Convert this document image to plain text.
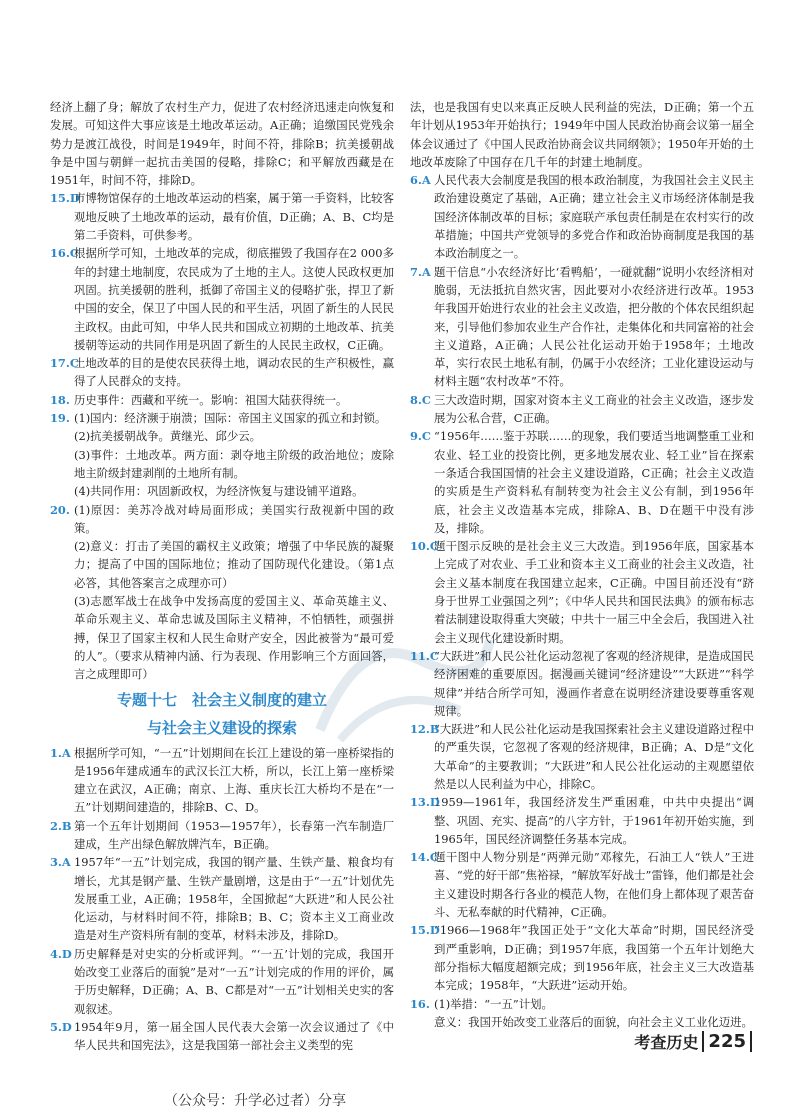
经济上翻了身；解放了农村生产力，促进了农村经济迅速走向恢复和发展。可知这件大事应该是土地改革运动。A正确；追缴国民党残余势力是渡江战役，时间是1949年，时间不符，排除B；抗美援朝战争是中国与朝鲜一起抗击美国的侵略，排除C；和平解放西藏是在1951年，时间不符，排除D。
15.D
市博物馆保存的土地改革运动的档案，属于第一手资料，比较客观地反映了土地改革的运动，最有价值，D正确；A、B、C均是第二手资料，可供参考。
16.C
根据所学可知，土地改革的完成，彻底摧毁了我国存在2 000多年的封建土地制度，农民成为了土地的主人。这使人民政权更加巩固。抗美援朝的胜利，抵御了帝国主义的侵略扩张，捍卫了新中国的安全，保卫了中国人民的和平生活，巩固了新生的人民民主政权。由此可知，中华人民共和国成立初期的土地改革、抗美援朝等运动的共同作用是巩固了新生的人民民主政权，C正确。
17.C
土地改革的目的是使农民获得土地，调动农民的生产积极性，赢得了人民群众的支持。
18. 历史事件：西藏和平统一。影响：祖国大陆获得统一。
19. (1)国内：经济濒于崩溃；国际：帝国主义国家的孤立和封锁。
(2)抗美援朝战争。黄继光、邱少云。
(3)事件：土地改革。两方面：剥夺地主阶级的政治地位；废除地主阶级封建剥削的土地所有制。
(4)共同作用：巩固新政权，为经济恢复与建设铺平道路。
20. (1)原因：美苏冷战对峙局面形成；美国实行敌视新中国的政策。
(2)意义：打击了美国的霸权主义政策；增强了中华民族的凝聚力；提高了中国的国际地位；推动了国防现代化建设。（第1点必答，其他答案言之成理亦可）
(3)志愿军战士在战争中发扬高度的爱国主义、革命英雄主义、革命乐观主义、革命忠诚及国际主义精神，不怕牺牲，顽强拼搏，保卫了国家主权和人民生命财产安全，因此被誉为“最可爱的人”。（要求从精神内涵、行为表现、作用影响三个方面回答，言之成理即可）
专题十七　社会主义制度的建立
与社会主义建设的探索
1.A 根据所学可知，“一五”计划期间在长江上建设的第一座桥梁指的是1956年建成通车的武汉长江大桥，所以，长江上第一座桥梁建立在武汉，A正确；南京、上海、重庆长江大桥均不是在“一五”计划期间建造的，排除B、C、D。
2.B 第一个五年计划期间（1953—1957年），长春第一汽车制造厂建成，生产出绿色解放牌汽车，B正确。
3.A 1957年“一五”计划完成，我国的钢产量、生铁产量、粮食均有增长，尤其是钢产量、生铁产量剧增，这是由于“一五”计划优先发展重工业，A正确；1958年，全国掀起“大跃进”和人民公社化运动，与材料时间不符，排除B；B、C；资本主义工商业改造是对生产资料所有制的变革，材料未涉及，排除D。
4.D 历史解释是对史实的分析或评判。“‘一五’计划的完成，我国开始改变工业落后的面貌”是对“一五”计划完成的作用的评价，属于历史解释，D正确；A、B、C都是对“一五”计划相关史实的客观叙述。
5.D 1954年9月，第一届全国人民代表大会第一次会议通过了《中华人民共和国宪法》，这是我国第一部社会主义类型的宪
法，也是我国有史以来真正反映人民利益的宪法，D正确；第一个五年计划从1953年开始执行；1949年中国人民政治协商会议第一届全体会议通过了《中国人民政治协商会议共同纲领》；1950年开始的土地改革废除了中国存在几千年的封建土地制度。
6.A 人民代表大会制度是我国的根本政治制度，为我国社会主义民主政治建设奠定了基础，A正确；建立社会主义市场经济体制是我国经济体制改革的目标；家庭联产承包责任制是在农村实行的改革措施；中国共产党领导的多党合作和政治协商制度是我国的基本政治制度之一。
7.A 题干信息“小农经济好比‘看鸭船’，一碰就翻”说明小农经济相对脆弱，无法抵抗自然灾害，因此要对小农经济进行改革。1953年我国开始进行农业的社会主义改造，把分散的个体农民组织起来，引导他们参加农业生产合作社，走集体化和共同富裕的社会主义道路，A正确；人民公社化运动开始于1958年；土地改革，实行农民土地私有制，仍属于小农经济；工业化建设运动与材料主题“农村改革”不符。
8.C 三大改造时期，国家对资本主义工商业的社会主义改造，逐步发展为公私合营，C正确。
9.C “1956年……鉴于苏联……的现象，我们要适当地调整重工业和农业、轻工业的投资比例，更多地发展农业、轻工业”旨在探索一条适合我国国情的社会主义建设道路，C正确；社会主义改造的实质是生产资料私有制转变为社会主义公有制，到1956年底，社会主义改造基本完成，排除A、B、D在题干中没有涉及，排除。
10.C
题干图示反映的是社会主义三大改造。到1956年底，国家基本上完成了对农业、手工业和资本主义工商业的社会主义改造，社会主义基本制度在我国建立起来，C正确。中国目前还没有“跻身于世界工业强国之列”；《中华人民共和国民法典》的颁布标志着法制建设取得重大突破；中共十一届三中全会后，我国进入社会主义现代化建设新时期。
11.C
“大跃进”和人民公社化运动忽视了客观的经济规律，是造成国民经济困难的重要原因。据漫画关键词“经济建设”“大跃进”“科学规律”并结合所学可知，漫画作者意在说明经济建设要尊重客观规律。
12.B
“大跃进”和人民公社化运动是我国探索社会主义建设道路过程中的严重失误，它忽视了客观的经济规律，B正确；A、D是“文化大革命”的主要教训；“大跃进”和人民公社化运动的主观愿望依然是以人民利益为中心，排除C。
13.D
1959—1961年，我国经济发生严重困难，中共中央提出“调整、巩固、充实、提高”的八字方针，于1961年初开始实施，到1965年，国民经济调整任务基本完成。
14.C
题干图中人物分别是“两弹元勋”邓稼先，石油工人“铁人”王进喜、“党的好干部”焦裕禄，“解放军好战士”雷锋，他们都是社会主义建设时期各行各业的模范人物，在他们身上都体现了艰苦奋斗、无私奉献的时代精神，C正确。
15.D
“1966—1968年”我国正处于“文化大革命”时期，国民经济受到严重影响，D正确；到1957年底，我国第一个五年计划绝大部分指标大幅度超额完成；到1956年底，社会主义三大改造基本完成；1958年，“大跃进”运动开始。
16. (1)举措：“一五”计划。
意义：我国开始改变工业落后的面貌，向社会主义工业化迈进。
考查历史 225
（公众号：升学必过者）分享
